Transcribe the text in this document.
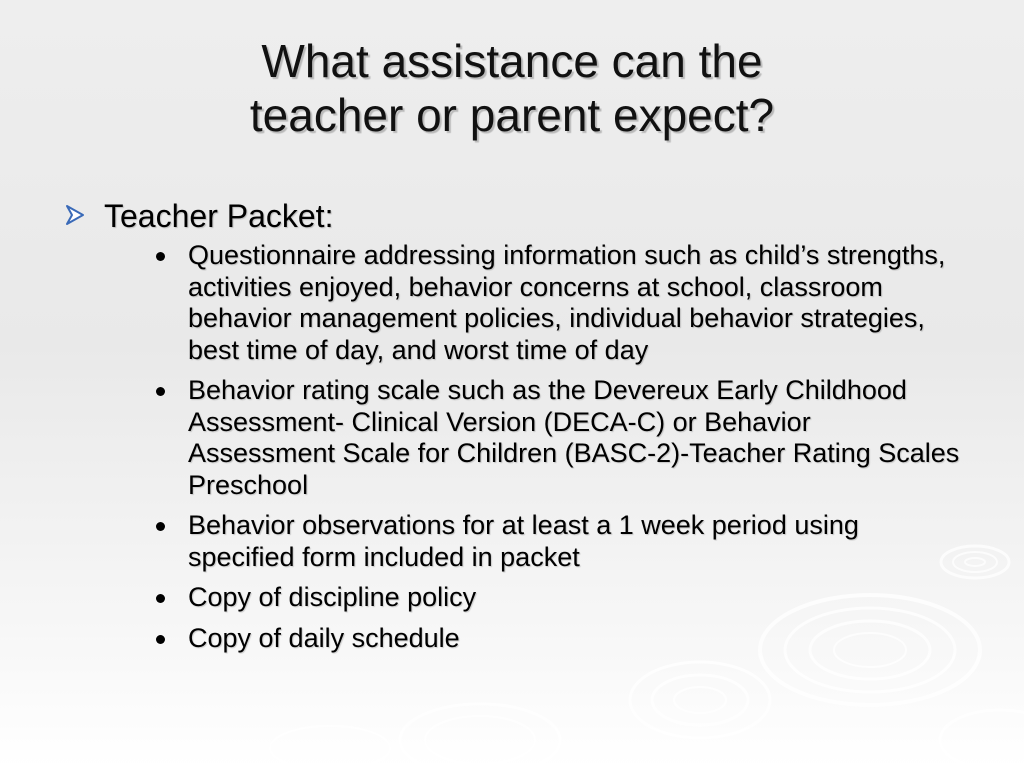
What assistance can the
teacher or parent expect?
Teacher Packet:
Questionnaire addressing information such as child’s strengths, activities enjoyed, behavior concerns at school, classroom behavior management policies, individual behavior strategies, best time of day, and worst time of day
Behavior rating scale such as the Devereux Early Childhood Assessment- Clinical Version (DECA-C) or Behavior Assessment Scale for Children (BASC-2)-Teacher Rating Scales Preschool
Behavior observations for at least a 1 week period using specified form included in packet
Copy of discipline policy
Copy of daily schedule
